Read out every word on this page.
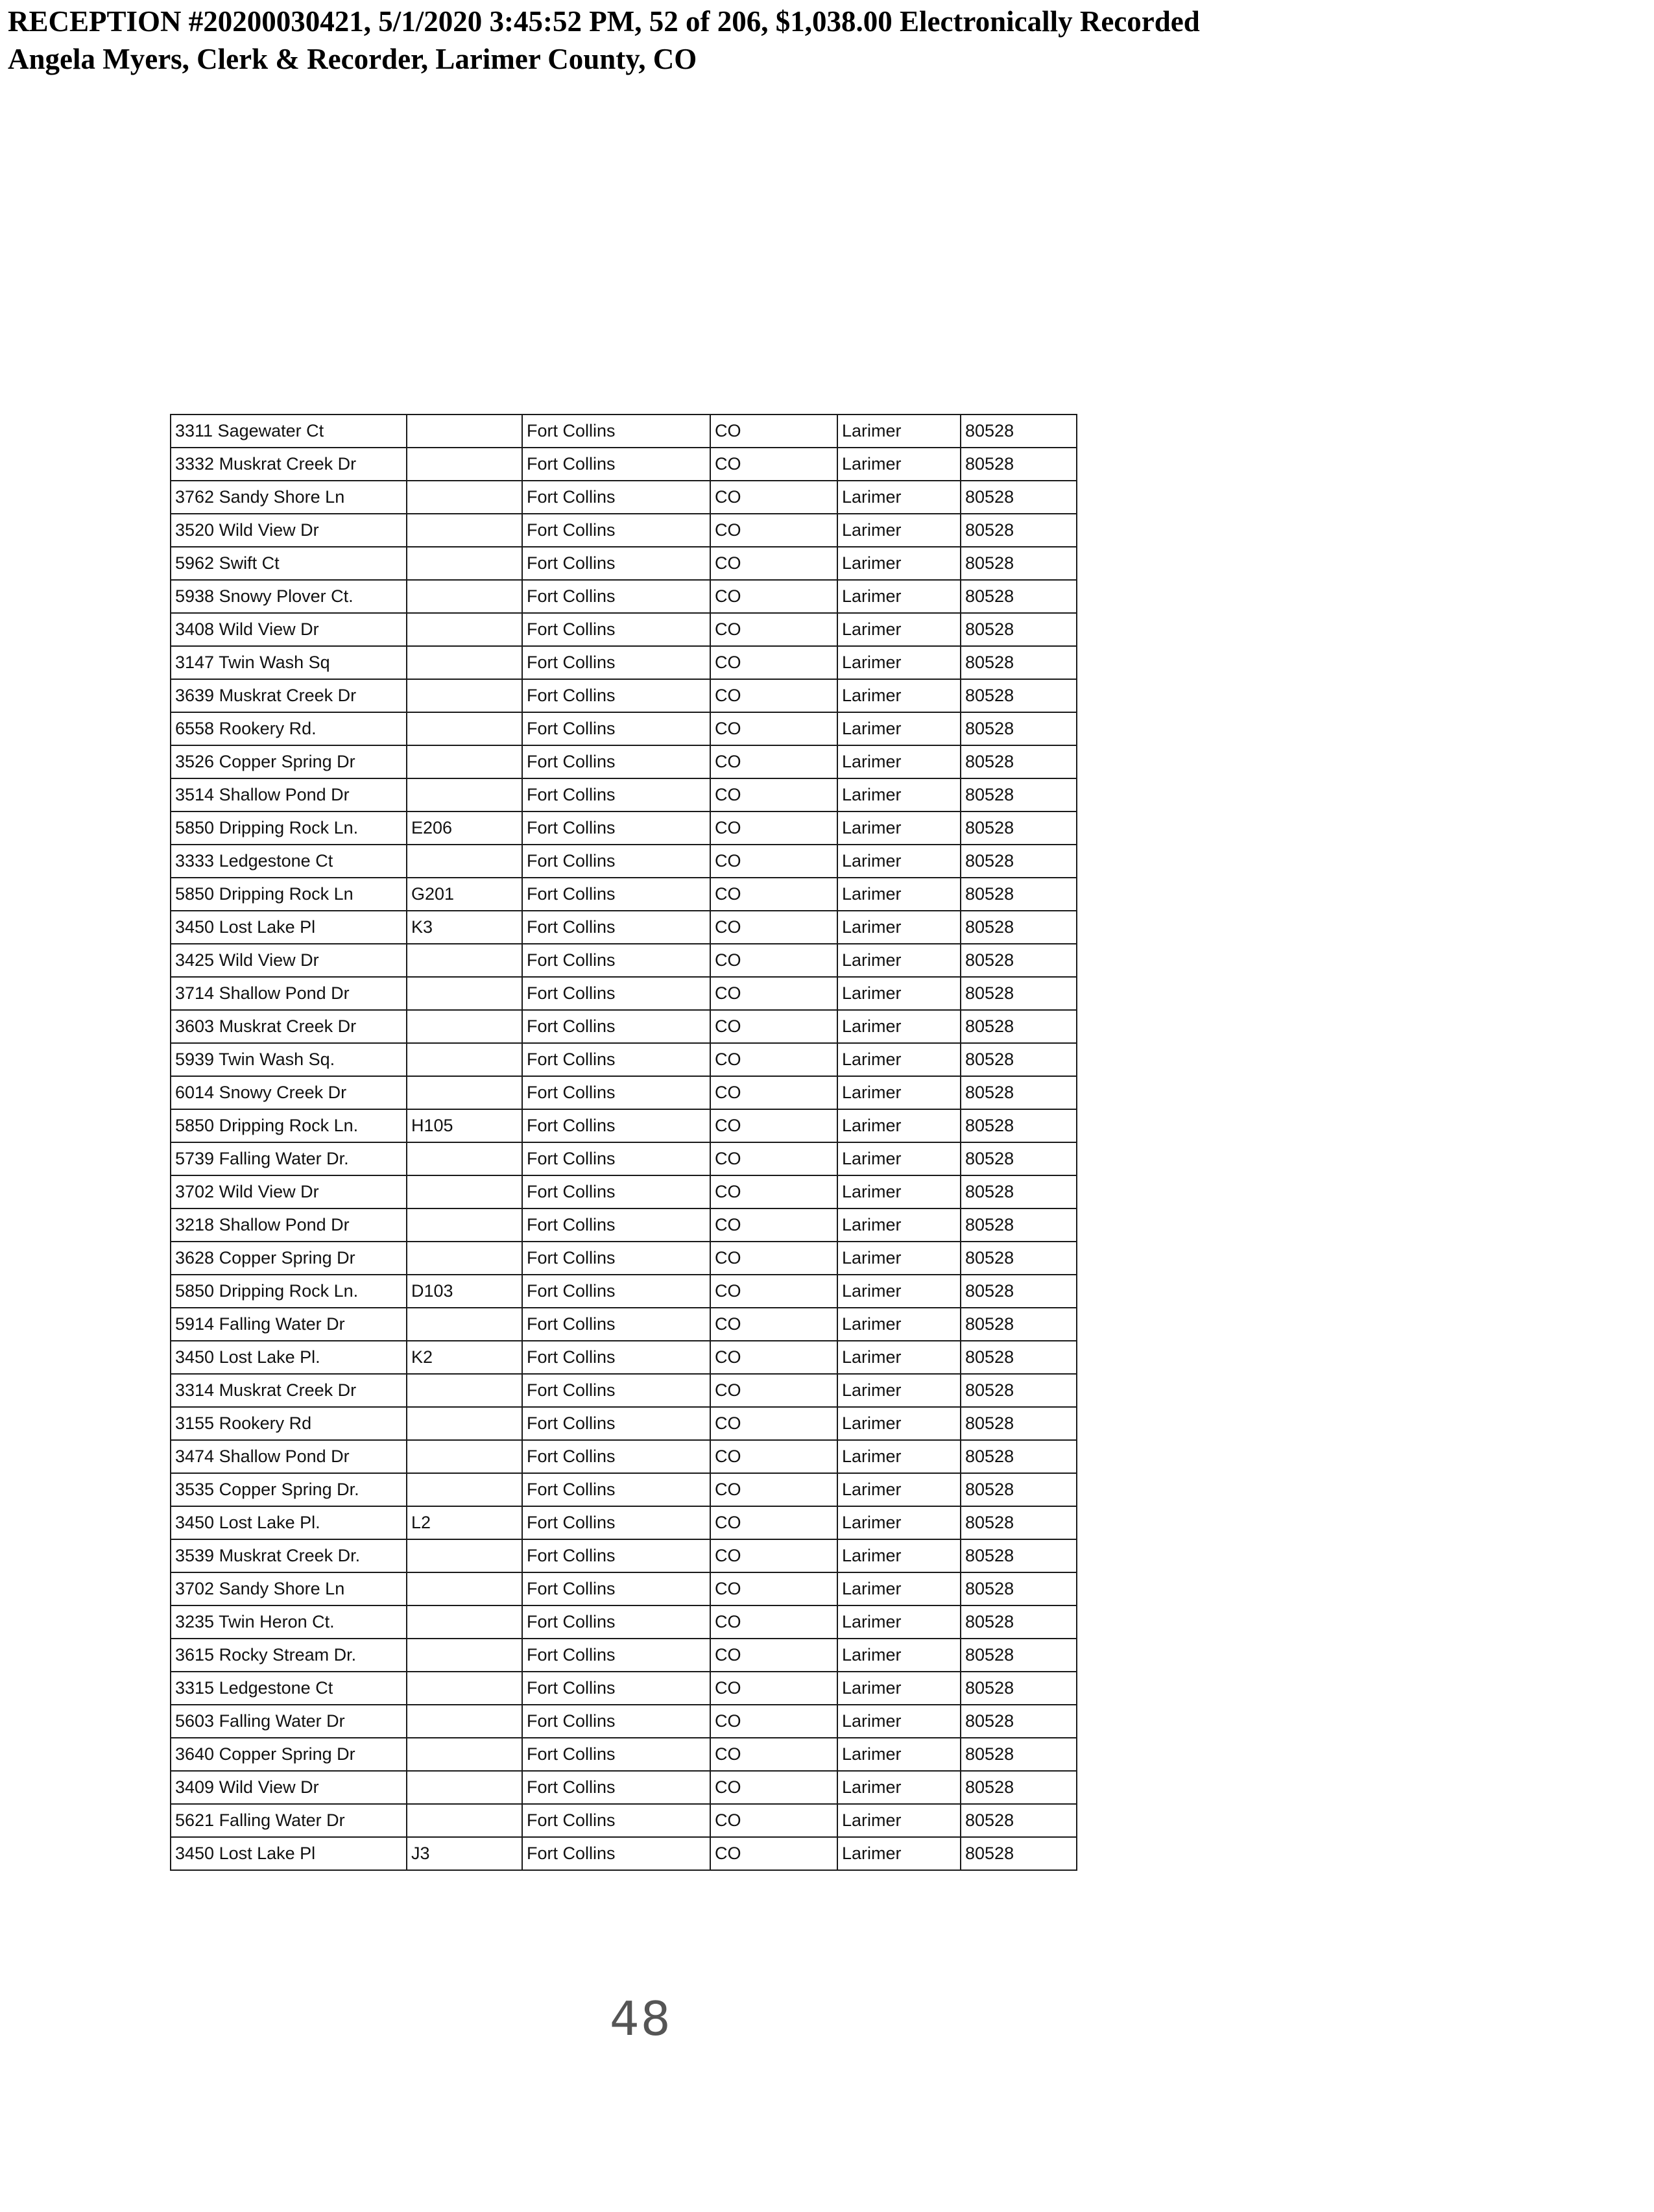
RECEPTION #20200030421, 5/1/2020 3:45:52 PM, 52 of 206, $1,038.00 Electronically Recorded
Angela Myers, Clerk & Recorder, Larimer County, CO
3311 Sagewater Ct		Fort Collins	CO	Larimer	80528
3332 Muskrat Creek Dr		Fort Collins	CO	Larimer	80528
3762 Sandy Shore Ln		Fort Collins	CO	Larimer	80528
3520 Wild View Dr		Fort Collins	CO	Larimer	80528
5962 Swift Ct		Fort Collins	CO	Larimer	80528
5938 Snowy Plover Ct.		Fort Collins	CO	Larimer	80528
3408 Wild View Dr		Fort Collins	CO	Larimer	80528
3147 Twin Wash Sq		Fort Collins	CO	Larimer	80528
3639 Muskrat Creek Dr		Fort Collins	CO	Larimer	80528
6558 Rookery Rd.		Fort Collins	CO	Larimer	80528
3526 Copper Spring Dr		Fort Collins	CO	Larimer	80528
3514 Shallow Pond Dr		Fort Collins	CO	Larimer	80528
5850 Dripping Rock Ln.	E206	Fort Collins	CO	Larimer	80528
3333 Ledgestone Ct		Fort Collins	CO	Larimer	80528
5850 Dripping Rock Ln	G201	Fort Collins	CO	Larimer	80528
3450 Lost Lake Pl	K3	Fort Collins	CO	Larimer	80528
3425 Wild View Dr		Fort Collins	CO	Larimer	80528
3714 Shallow Pond Dr		Fort Collins	CO	Larimer	80528
3603 Muskrat Creek Dr		Fort Collins	CO	Larimer	80528
5939 Twin Wash Sq.		Fort Collins	CO	Larimer	80528
6014 Snowy Creek Dr		Fort Collins	CO	Larimer	80528
5850 Dripping Rock Ln.	H105	Fort Collins	CO	Larimer	80528
5739 Falling Water Dr.		Fort Collins	CO	Larimer	80528
3702 Wild View Dr		Fort Collins	CO	Larimer	80528
3218 Shallow Pond Dr		Fort Collins	CO	Larimer	80528
3628 Copper Spring Dr		Fort Collins	CO	Larimer	80528
5850 Dripping Rock Ln.	D103	Fort Collins	CO	Larimer	80528
5914 Falling Water Dr		Fort Collins	CO	Larimer	80528
3450 Lost Lake Pl.	K2	Fort Collins	CO	Larimer	80528
3314 Muskrat Creek Dr		Fort Collins	CO	Larimer	80528
3155 Rookery Rd		Fort Collins	CO	Larimer	80528
3474 Shallow Pond Dr		Fort Collins	CO	Larimer	80528
3535 Copper Spring Dr.		Fort Collins	CO	Larimer	80528
3450 Lost Lake Pl.	L2	Fort Collins	CO	Larimer	80528
3539 Muskrat Creek Dr.		Fort Collins	CO	Larimer	80528
3702 Sandy Shore Ln		Fort Collins	CO	Larimer	80528
3235 Twin Heron Ct.		Fort Collins	CO	Larimer	80528
3615 Rocky Stream Dr.		Fort Collins	CO	Larimer	80528
3315 Ledgestone Ct		Fort Collins	CO	Larimer	80528
5603 Falling Water Dr		Fort Collins	CO	Larimer	80528
3640 Copper Spring Dr		Fort Collins	CO	Larimer	80528
3409 Wild View Dr		Fort Collins	CO	Larimer	80528
5621 Falling Water Dr		Fort Collins	CO	Larimer	80528
3450 Lost Lake Pl	J3	Fort Collins	CO	Larimer	80528
48
